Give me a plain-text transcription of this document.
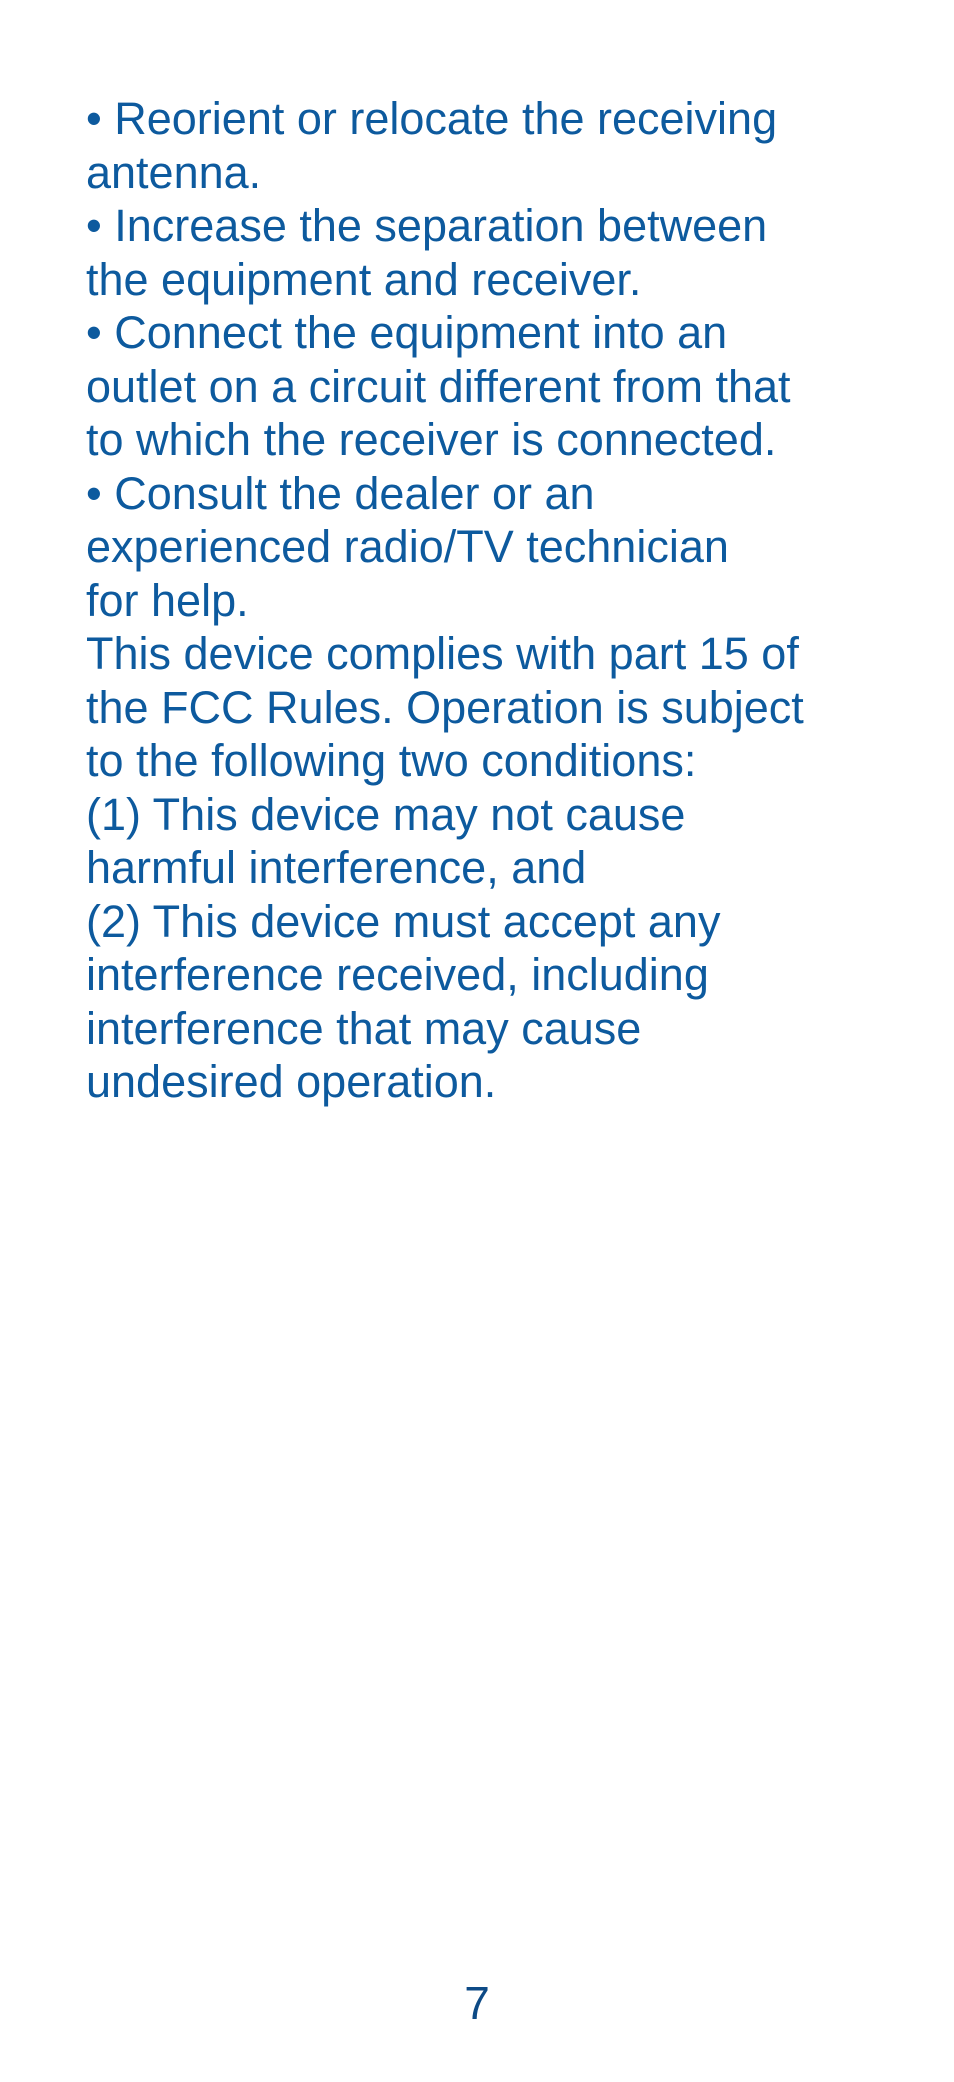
• Reorient or relocate the receiving
antenna.
• Increase the separation between
the equipment and receiver.
• Connect the equipment into an
outlet on a circuit different from that
to which the receiver is connected.
• Consult the dealer or an
experienced radio/TV technician
for help.
This device complies with part 15 of
the FCC Rules. Operation is subject
to the following two conditions:
(1) This device may not cause
harmful interference, and
(2) This device must accept any
interference received, including
interference that may cause
undesired operation.
7
